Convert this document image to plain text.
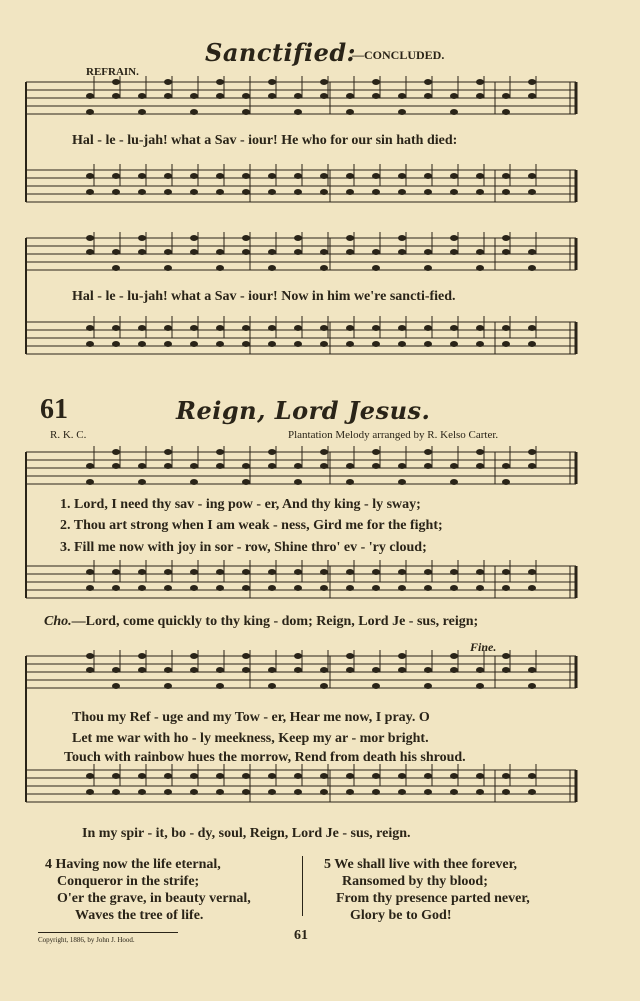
Sanctified:
—CONCLUDED.
REFRAIN.
Hal - le - lu-jah! what a Sav - iour! He who for our sin hath died:
Hal - le - lu-jah! what a Sav - iour! Now in him we're sancti-fied.
61	Reign, Lord Jesus.
R. K. C.	Plantation Melody arranged by R. Kelso Carter.
1. Lord, I need thy sav - ing pow - er, And thy king - ly sway;
2. Thou art strong when I am weak - ness, Gird me for the fight;
3. Fill me now with joy in sor - row, Shine thro' ev - 'ry cloud;
Cho.—Lord, come quickly to thy king - dom; Reign, Lord Je - sus, reign;
Fine.
Thou my Ref - uge and my Tow - er, Hear me now, I pray. O
Let me war with ho - ly meekness, Keep my ar - mor bright.
Touch with rainbow hues the morrow, Rend from death his shroud.
In my spir - it, bo - dy, soul, Reign, Lord Je - sus, reign.
4 Having now the life eternal,
Conqueror in the strife;
O'er the grave, in beauty vernal,
Waves the tree of life.
5 We shall live with thee forever,
Ransomed by thy blood;
From thy presence parted never,
Glory be to God!
Copyright, 1886, by John J. Hood.	61
